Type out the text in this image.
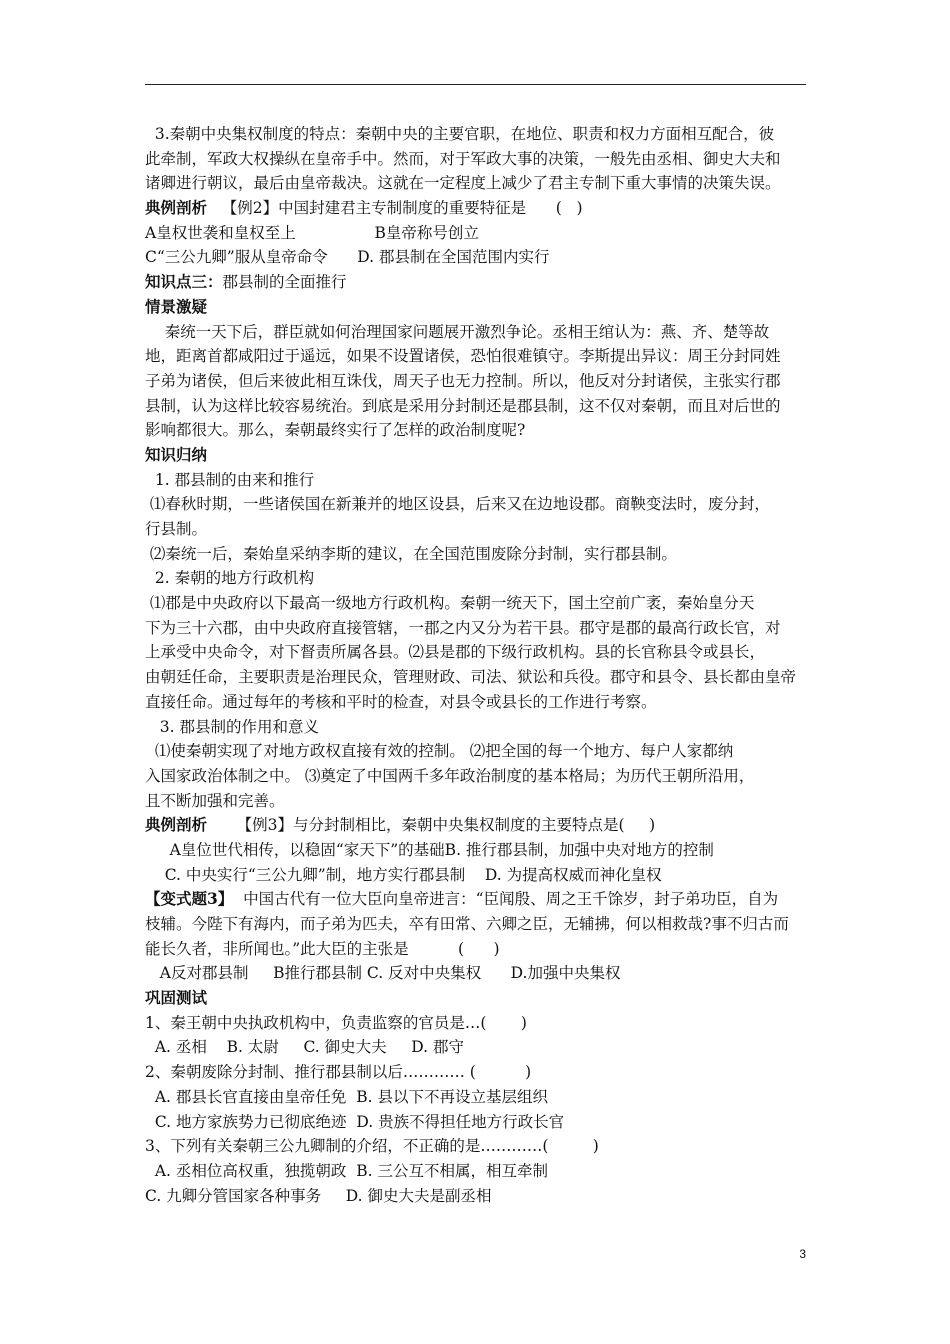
3.秦朝中央集权制度的特点：秦朝中央的主要官职，在地位、职责和权力方面相互配合，彼
此牵制，军政大权操纵在皇帝手中。然而，对于军政大事的决策，一般先由丞相、御史大夫和
诸卿进行朝议，最后由皇帝裁决。这就在一定程度上减少了君主专制下重大事情的决策失误。
典例剖析   【例2】中国封建君主专制制度的重要特征是      (   )
A皇权世袭和皇权至上                B皇帝称号创立
C“三公九卿”服从皇帝命令      D. 郡县制在全国范围内实行
知识点三：郡县制的全面推行
情景激疑
秦统一天下后，群臣就如何治理国家问题展开激烈争论。丞相王绾认为：燕、齐、楚等故
地，距离首都咸阳过于遥远，如果不设置诸侯，恐怕很难镇守。李斯提出异议：周王分封同姓
子弟为诸侯，但后来彼此相互诛伐，周天子也无力控制。所以，他反对分封诸侯，主张实行郡
县制，认为这样比较容易统治。到底是采用分封制还是郡县制，这不仅对秦朝，而且对后世的
影响都很大。那么，秦朝最终实行了怎样的政治制度呢?
知识归纳
1. 郡县制的由来和推行
⑴春秋时期，一些诸侯国在新兼并的地区设县，后来又在边地设郡。商鞅变法时，废分封，
行县制。
⑵秦统一后，秦始皇采纳李斯的建议，在全国范围废除分封制，实行郡县制。
2. 秦朝的地方行政机构
⑴郡是中央政府以下最高一级地方行政机构。秦朝一统天下，国土空前广袤，秦始皇分天
下为三十六郡，由中央政府直接管辖，一郡之内又分为若干县。郡守是郡的最高行政长官，对
上承受中央命令，对下督责所属各县。⑵县是郡的下级行政机构。县的长官称县令或县长，
由朝廷任命，主要职责是治理民众，管理财政、司法、狱讼和兵役。郡守和县令、县长都由皇帝
直接任命。通过每年的考核和平时的检查，对县令或县长的工作进行考察。
3. 郡县制的作用和意义
⑴使秦朝实现了对地方政权直接有效的控制。 ⑵把全国的每一个地方、每户人家都纳
入国家政治体制之中。 ⑶奠定了中国两千多年政治制度的基本格局；为历代王朝所沿用，
且不断加强和完善。
典例剖析      【例3】与分封制相比，秦朝中央集权制度的主要特点是(     )
A皇位世代相传，以稳固“家天下”的基础B. 推行郡县制，加强中央对地方的控制
C. 中央实行“三公九卿”制，地方实行郡县制    D. 为提高权威而神化皇权
【变式题3】  中国古代有一位大臣向皇帝进言：“臣闻殷、周之王千馀岁，封子弟功臣，自为
枝辅。今陛下有海内，而子弟为匹夫，卒有田常、六卿之臣，无辅拂，何以相救哉?事不归古而
能长久者，非所闻也。”此大臣的主张是          (      )
A反对郡县制     B推行郡县制 C. 反对中央集权      D.加强中央集权
巩固测试
1、秦王朝中央执政机构中，负责监察的官员是…(       )
A. 丞相    B. 太尉     C. 御史大夫     D. 郡守
2、秦朝废除分封制、推行郡县制以后………… (          )
A. 郡县长官直接由皇帝任免  B. 县以下不再设立基层组织
C. 地方家族势力已彻底绝迹  D. 贵族不得担任地方行政长官
3、下列有关秦朝三公九卿制的介绍，不正确的是…………(         )
A. 丞相位高权重，独揽朝政  B. 三公互不相属，相互牵制
C. 九卿分管国家各种事务     D. 御史大夫是副丞相
3
